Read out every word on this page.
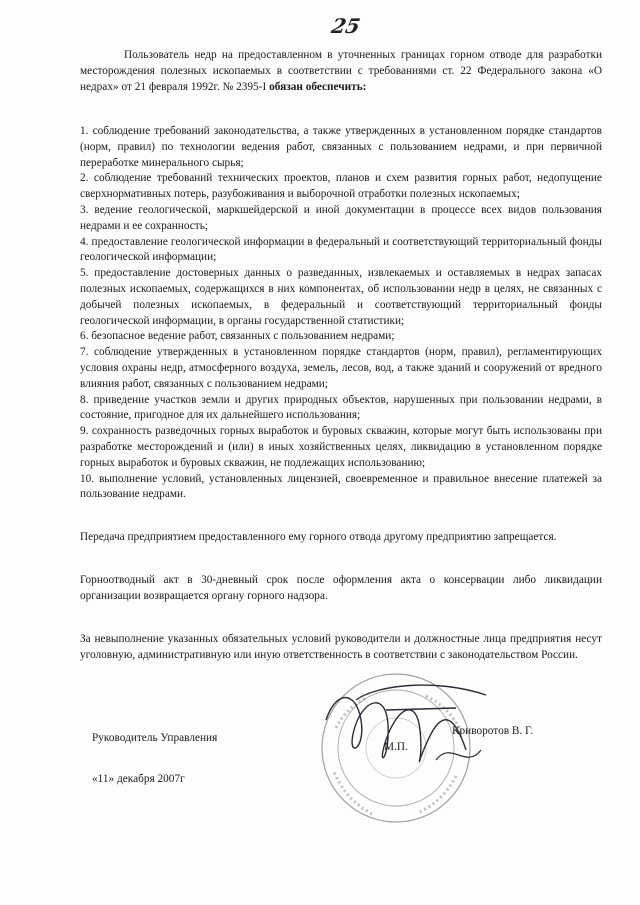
25
Пользователь недр на предоставленном в уточненных границах горном отводе для разработки месторождения полезных ископаемых в соответствии с требованиями ст. 22 Федерального закона «О недрах» от 21 февраля 1992г. № 2395-I обязан обеспечить:

1. соблюдение требований законодательства, а также утвержденных в установленном порядке стандартов (норм, правил) по технологии ведения работ, связанных с пользованием недрами, и при первичной переработке минерального сырья;

2. соблюдение требований технических проектов, планов и схем развития горных работ, недопущение сверхнормативных потерь, разубоживания и выборочной отработки полезных ископаемых;

3. ведение геологической, маркшейдерской и иной документации в процессе всех видов пользования недрами и ее сохранность;

4. предоставление геологической информации в федеральный и соответствующий территориальный фонды геологической информации;

5. предоставление достоверных данных о разведанных, извлекаемых и оставляемых в недрах запасах полезных ископаемых, содержащихся в них компонентах, об использовании недр в целях, не связанных с добычей полезных ископаемых, в федеральный и соответствующий территориальный фонды геологической информации, в органы государственной статистики;

6. безопасное ведение работ, связанных с пользованием недрами;

7. соблюдение утвержденных в установленном порядке стандартов (норм, правил), регламентирующих условия охраны недр, атмосферного воздуха, земель, лесов, вод, а также зданий и сооружений от вредного влияния работ, связанных с пользованием недрами;

8. приведение участков земли и других природных объектов, нарушенных при пользовании недрами, в состояние, пригодное для их дальнейшего использования;

9. сохранность разведочных горных выработок и буровых скважин, которые могут быть использованы при разработке месторождений и (или) в иных хозяйственных целях, ликвидацию в установленном порядке горных выработок и буровых скважин, не подлежащих использованию;

10. выполнение условий, установленных лицензией, своевременное и правильное внесение платежей за пользование недрами.

Передача предприятием предоставленного ему горного отвода другому предприятию запрещается.
Горноотводный акт в 30-дневный срок после оформления акта о консервации либо ликвидации организации возвращается органу горного надзора.
За невыполнение указанных обязательных условий руководители и должностные лица предприятия несут уголовную, административную или иную ответственность в соответствии с законодательством России.
Руководитель Управления
Криворотов В. Г.
М.П.
«11» декабря 2007г
